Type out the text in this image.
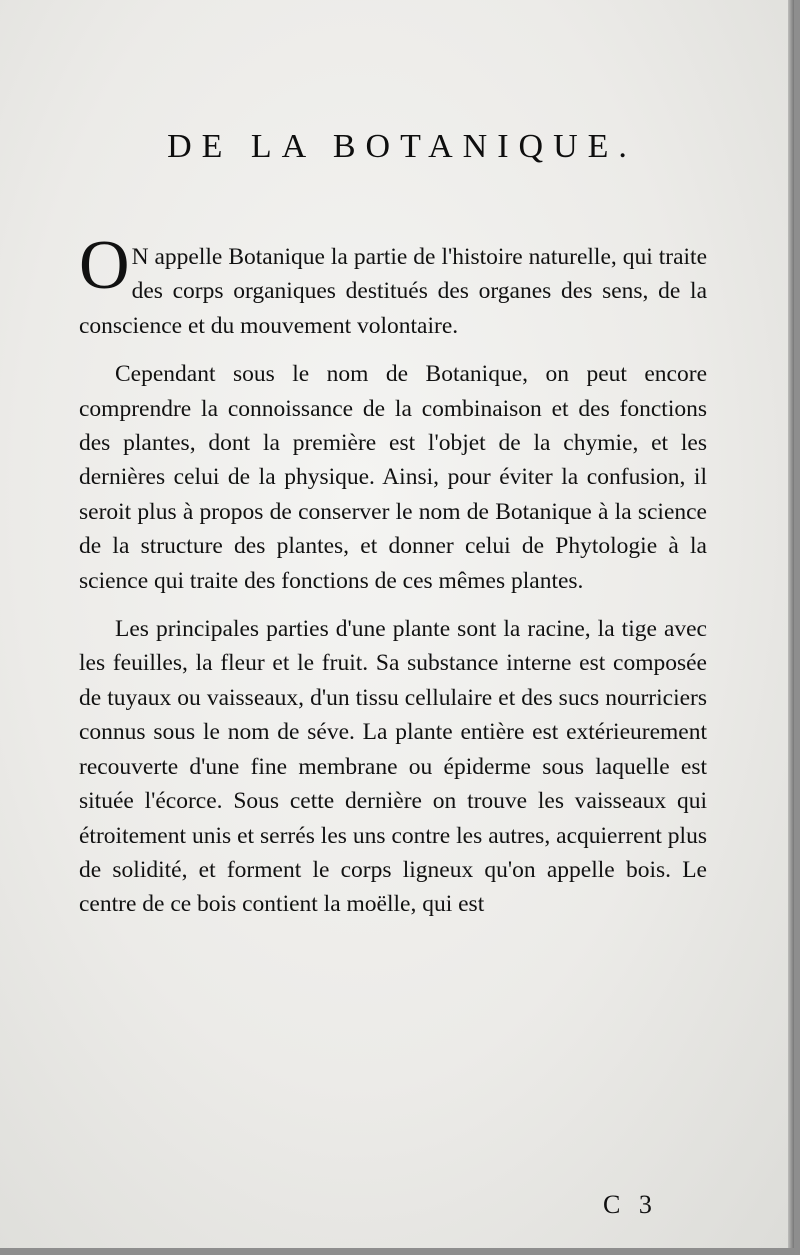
DE LA BOTANIQUE.

O N appelle Botanique la partie de l'histoire naturelle, qui traite des corps organiques destitués des organes des sens, de la conscience et du mouvement volontaire.

Cependant sous le nom de Botanique, on peut encore comprendre la connoissance de la combinaison et des fonctions des plantes, dont la première est l'objet de la chymie, et les dernières celui de la physique. Ainsi, pour éviter la confusion, il seroit plus à propos de conserver le nom de Botanique à la science de la structure des plantes, et donner celui de Phytologie à la science qui traite des fonctions de ces mêmes plantes.

Les principales parties d'une plante sont la racine, la tige avec les feuilles, la fleur et le fruit. Sa substance interne est composée de tuyaux ou vaisseaux, d'un tissu cellulaire et des sucs nourriciers connus sous le nom de séve. La plante entière est extérieurement recouverte d'une fine membrane ou épiderme sous laquelle est située l'écorce. Sous cette dernière on trouve les vaisseaux qui étroitement unis et serrés les uns contre les autres, acquierrent plus de solidité, et forment le corps ligneux qu'on appelle bois. Le centre de ce bois contient la moëlle, qui est

C 3
